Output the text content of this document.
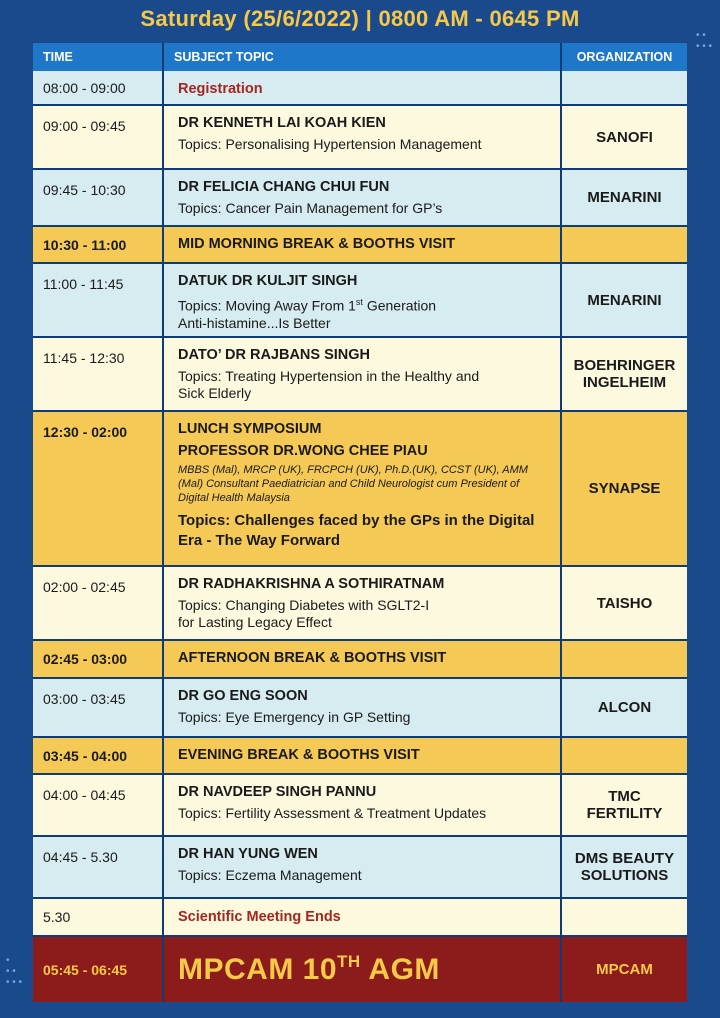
• •
• • •
•
• •
• • •
Saturday (25/6/2022) | 0800 AM - 0645 PM
TIME	SUBJECT TOPIC	ORGANIZATION
08:00 - 09:00	Registration	
09:00 - 09:45	DR KENNETH LAI KOAH KIEN
Topics: Personalising Hypertension Management	SANOFI
09:45 - 10:30	DR FELICIA CHANG CHUI FUN
Topics: Cancer Pain Management for GP’s	MENARINI
10:30 - 11:00	MID MORNING BREAK & BOOTHS VISIT	

11:00 - 11:45	DATUK DR KULJIT SINGH
Topics: Moving Away From 1st Generation
Anti-histamine...Is Better	MENARINI
11:45 - 12:30	DATO’ DR RAJBANS SINGH
Topics: Treating Hypertension in the Healthy and
Sick Elderly	BOEHRINGER
INGELHEIM
12:30 - 02:00	LUNCH SYMPOSIUM
PROFESSOR DR.WONG CHEE PIAU
MBBS (Mal), MRCP (UK), FRCPCH (UK), Ph.D.(UK), CCST (UK), AMM (Mal) Consultant Paediatrician and Child Neurologist cum President of Digital Health Malaysia
Topics: Challenges faced by the GPs in the Digital Era - The Way Forward	SYNAPSE
02:00 - 02:45	DR RADHAKRISHNA A SOTHIRATNAM
Topics: Changing Diabetes with SGLT2-I
for Lasting Legacy Effect	TAISHO
02:45 - 03:00	AFTERNOON BREAK & BOOTHS VISIT	

03:00 - 03:45	DR GO ENG SOON
Topics: Eye Emergency in GP Setting	ALCON
03:45 - 04:00	EVENING BREAK & BOOTHS VISIT	

04:00 - 04:45	DR NAVDEEP SINGH PANNU
Topics: Fertility Assessment & Treatment Updates	TMC
FERTILITY
04:45 - 5.30	DR HAN YUNG WEN
Topics: Eczema Management	DMS BEAUTY
SOLUTIONS
5.30	Scientific Meeting Ends	
05:45 - 06:45	MPCAM 10TH AGM	MPCAM
